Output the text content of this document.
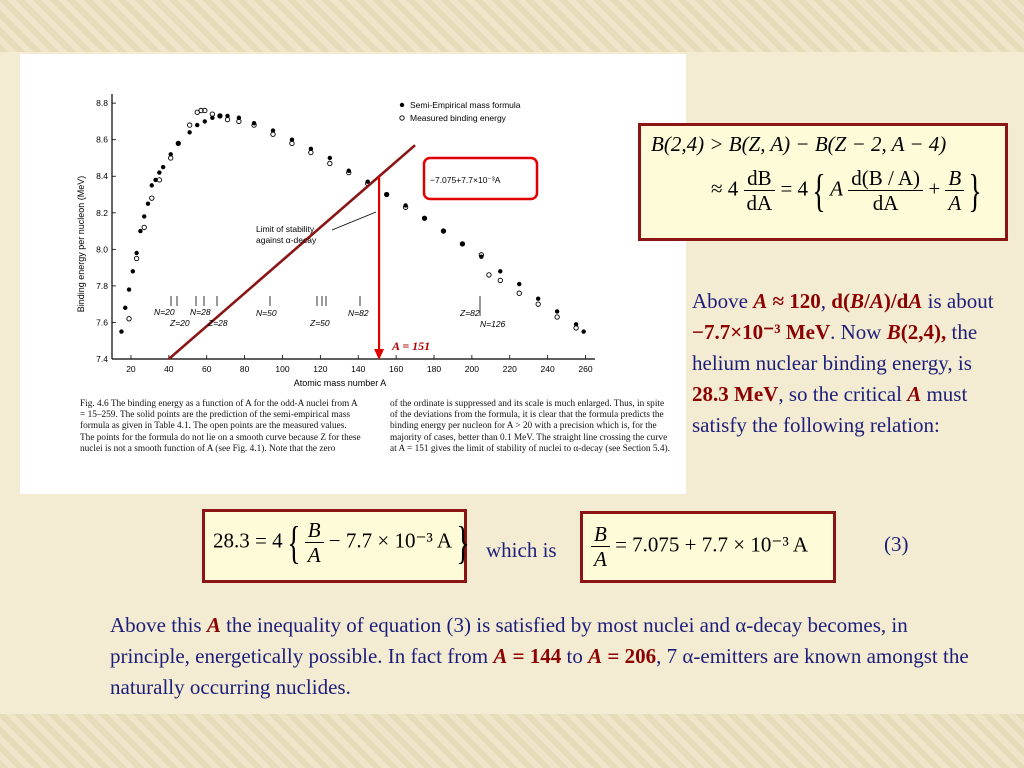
8.8
8.6
8.4
8.2
8.0
7.8
7.6
7.4
20	40	60	80	100	120	140	160	180	200	220	240	260
Binding energy per nucleon (MeV)
Atomic mass number A
Semi-Empirical mass formula
Measured binding energy
−7.075+7.7×10⁻³A
Limit of stability
against α-decay
A = 151
N=20 N=28
Z=20 Z=28
N=50
Z=50
N=82	Z=82
N=126
Fig. 4.6 The binding energy as a function of A for the odd-A nuclei from A = 15–259. The solid points are the prediction of the semi-empirical mass formula as given in Table 4.1. The open points are the measured values. The points for the formula do not lie on a smooth curve because Z for these nuclei is not a smooth function of A (see Fig. 4.1). Note that the zero
of the ordinate is suppressed and its scale is much enlarged. Thus, in spite of the deviations from the formula, it is clear that the formula predicts the binding energy per nucleon for A > 20 with a precision which is, for the majority of cases, better than 0.1 MeV. The straight line crossing the curve at A = 151 gives the limit of stability of nuclei to α-decay (see Section 5.4).
B(2,4) > B(Z, A) − B(Z − 2, A − 4)
≈ $4 \frac{dB}{dA} = 4${ A $\frac{d(B / A)}{dA} + \frac{B}{A}$ }
Above A ≈ 120, d(B/A)/dA is about −7.7×10⁻³ MeV. Now B(2,4), the helium nuclear binding energy, is 28.3 MeV, so the critical A must satisfy the following relation:
$28.3 = 4\{ \frac{B}{A} - 7.7 \times 10^{-3}$ A} which is $\frac{B}{A} = 7.075 + 7.7 \times 10^{-3}$ A	(3)
Above this A the inequality of equation (3) is satisfied by most nuclei and α-decay becomes, in principle, energetically possible. In fact from A = 144 to A = 206, 7 α-emitters are known amongst the naturally occurring nuclides.
